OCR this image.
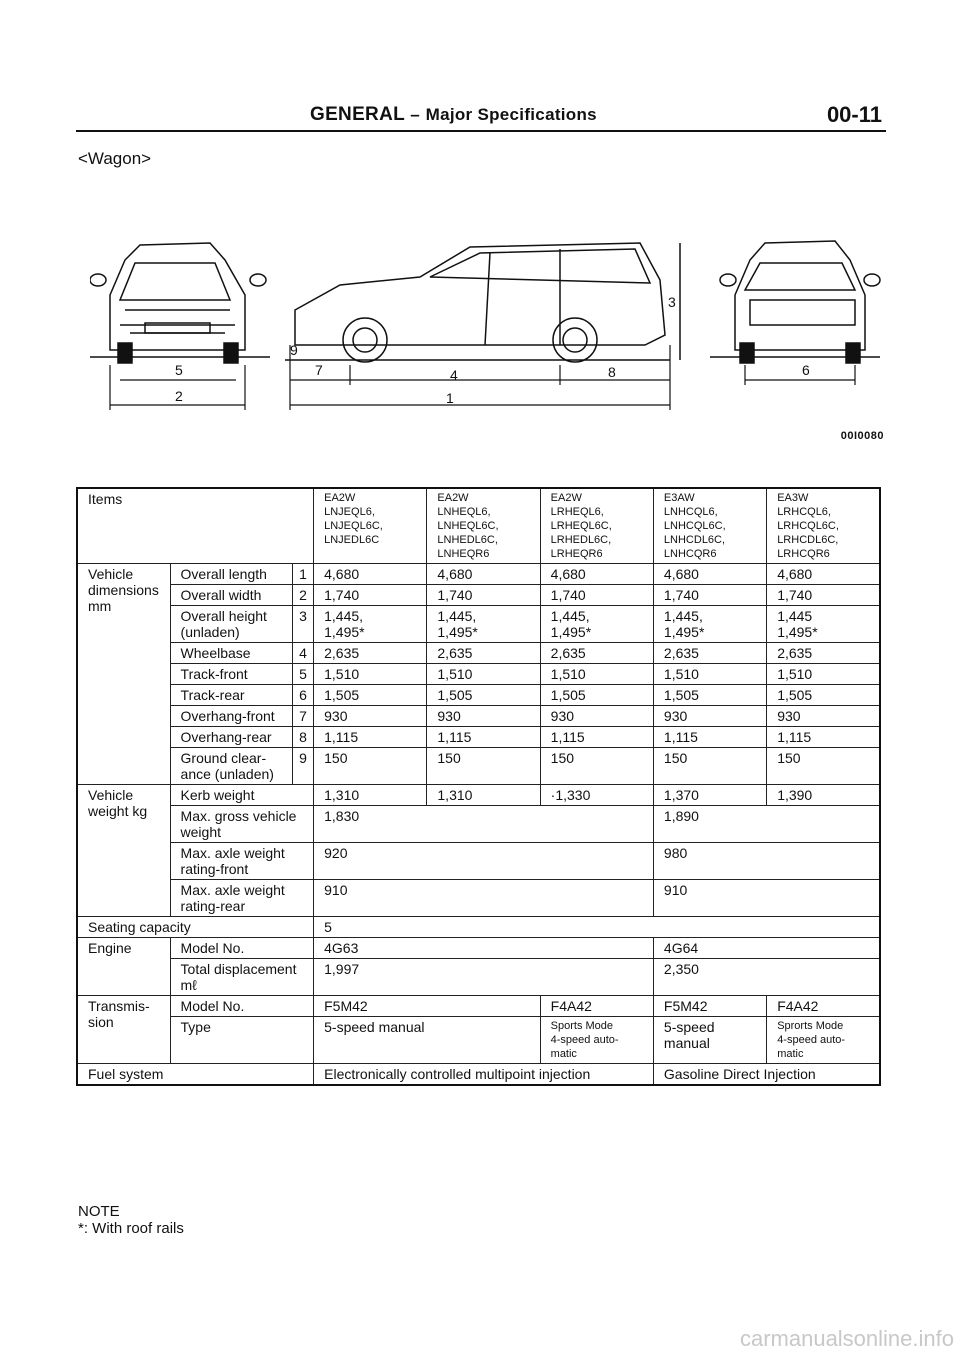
GENERAL – Major Specifications	00-11
<Wagon>
5
2
9
7	4	8
1
3
6
00I0080
Items			EA2W
LNJEQL6,
LNJEQL6C,
LNJEDL6C	EA2W
LNHEQL6,
LNHEQL6C,
LNHEDL6C,
LNHEQR6	EA2W
LRHEQL6,
LRHEQL6C,
LRHEDL6C,
LRHEQR6	E3AW
LNHCQL6,
LNHCQL6C,
LNHCDL6C,
LNHCQR6	EA3W
LRHCQL6,
LRHCQL6C,
LRHCDL6C,
LRHCQR6
Vehicle
dimensions
mm	Overall length	1	4,680	4,680	4,680	4,680	4,680
	Overall width	2	1,740	1,740	1,740	1,740	1,740
	Overall height
(unladen)	3	1,445,
1,495*	1,445,
1,495*	1,445,
1,495*	1,445,
1,495*	1,445
1,495*
	Wheelbase	4	2,635	2,635	2,635	2,635	2,635
	Track-front	5	1,510	1,510	1,510	1,510	1,510
	Track-rear	6	1,505	1,505	1,505	1,505	1,505
	Overhang-front	7	930	930	930	930	930
	Overhang-rear	8	1,115	1,115	1,115	1,115	1,115
	Ground clear-
ance (unladen)	9	150	150	150	150	150
Vehicle
weight kg	Kerb weight		1,310	1,310	·1,330	1,370	1,390
	Max. gross vehicle
weight		1,830			1,890	
	Max. axle weight
rating-front		920			980	
	Max. axle weight
rating-rear		910			910	
Seating capacity			5				
Engine	Model No.		4G63			4G64	
	Total displacement
mℓ		1,997			2,350	
Transmis-
sion	Model No.		F5M42		F4A42	F5M42	F4A42
	Type		5-speed manual		Sports Mode
4-speed auto-
matic	5-speed
manual	Sprorts Mode
4-speed auto-
matic
Fuel system			Electronically controlled multipoint injection			Gasoline Direct Injection	
NOTE
*: With roof rails
carmanualsonline.info
